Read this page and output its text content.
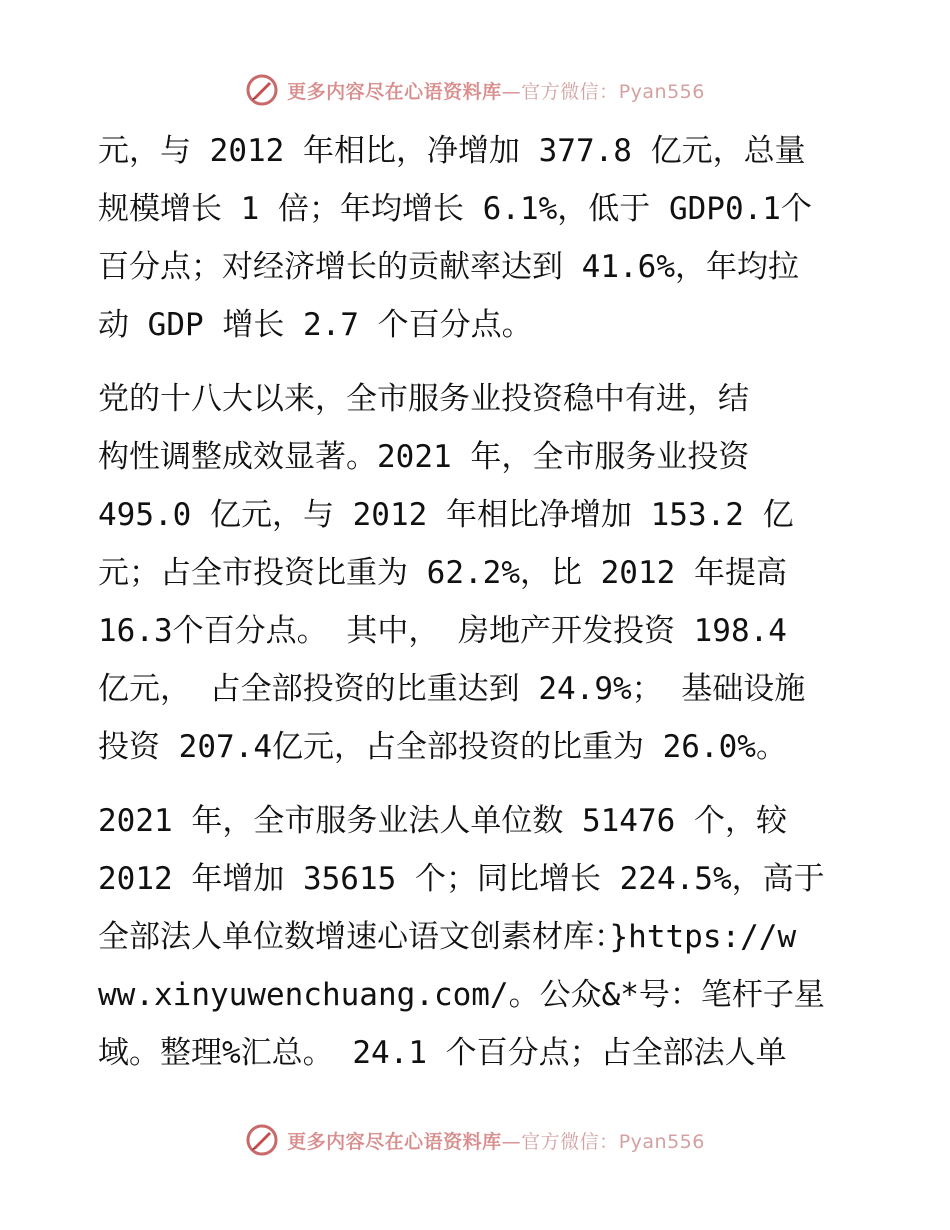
更多内容尽在心语资料库—官方微信：Pyan556
元，与 2012 年相比，净增加 377.8 亿元，总量
规模增长 1 倍；年均增长 6.1%，低于 GDP0.1个
百分点；对经济增长的贡献率达到 41.6%，年均拉
动 GDP 增长 2.7 个百分点。
党的十八大以来，全市服务业投资稳中有进，结
构性调整成效显著。2021 年，全市服务业投资
495.0 亿元，与 2012 年相比净增加 153.2 亿
元；占全市投资比重为 62.2%，比 2012 年提高
16.3个百分点。 其中， 房地产开发投资 198.4
亿元， 占全部投资的比重达到 24.9%； 基础设施
投资 207.4亿元，占全部投资的比重为 26.0%。
2021 年，全市服务业法人单位数 51476 个，较
2012 年增加 35615 个；同比增长 224.5%，高于
全部法人单位数增速心语文创素材库：}https://w
ww.xinyuwenchuang.com/。公众&*号：笔杆子星
域。整理%汇总。 24.1 个百分点；占全部法人单
更多内容尽在心语资料库—官方微信：Pyan556
